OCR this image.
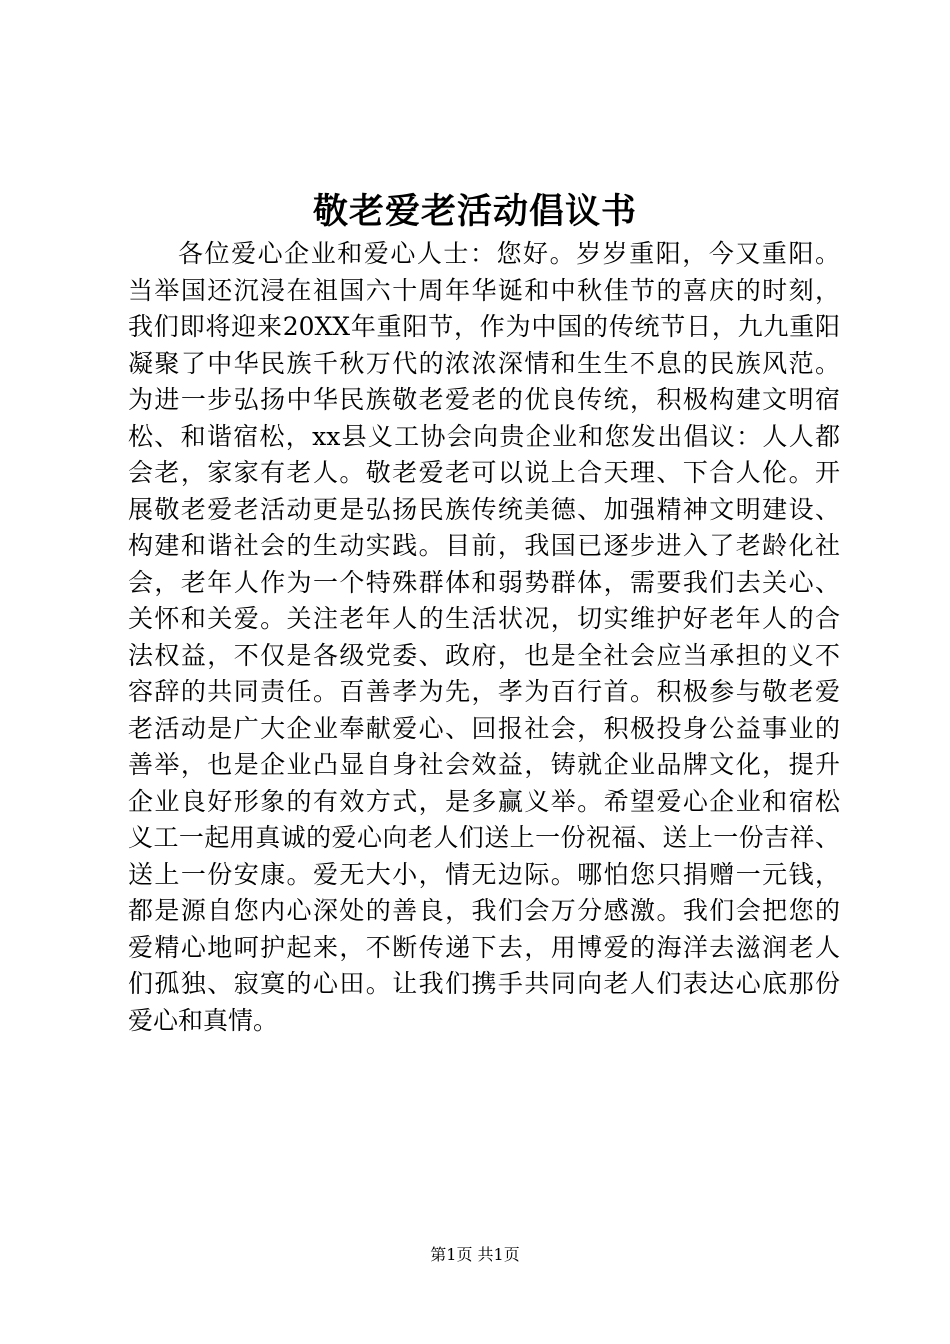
敬老爱老活动倡议书
各位爱心企业和爱心人士：您好。岁岁重阳，今又重阳。
当举国还沉浸在祖国六十周年华诞和中秋佳节的喜庆的时刻，
我们即将迎来20XX年重阳节，作为中国的传统节日，九九重阳
凝聚了中华民族千秋万代的浓浓深情和生生不息的民族风范。
为进一步弘扬中华民族敬老爱老的优良传统，积极构建文明宿
松、和谐宿松，xx县义工协会向贵企业和您发出倡议：人人都
会老，家家有老人。敬老爱老可以说上合天理、下合人伦。开
展敬老爱老活动更是弘扬民族传统美德、加强精神文明建设、
构建和谐社会的生动实践。目前，我国已逐步进入了老龄化社
会，老年人作为一个特殊群体和弱势群体，需要我们去关心、
关怀和关爱。关注老年人的生活状况，切实维护好老年人的合
法权益，不仅是各级党委、政府，也是全社会应当承担的义不
容辞的共同责任。百善孝为先，孝为百行首。积极参与敬老爱
老活动是广大企业奉献爱心、回报社会，积极投身公益事业的
善举，也是企业凸显自身社会效益，铸就企业品牌文化，提升
企业良好形象的有效方式，是多赢义举。希望爱心企业和宿松
义工一起用真诚的爱心向老人们送上一份祝福、送上一份吉祥、
送上一份安康。爱无大小，情无边际。哪怕您只捐赠一元钱，
都是源自您内心深处的善良，我们会万分感激。我们会把您的
爱精心地呵护起来，不断传递下去，用博爱的海洋去滋润老人
们孤独、寂寞的心田。让我们携手共同向老人们表达心底那份
爱心和真情。
第1页 共1页
